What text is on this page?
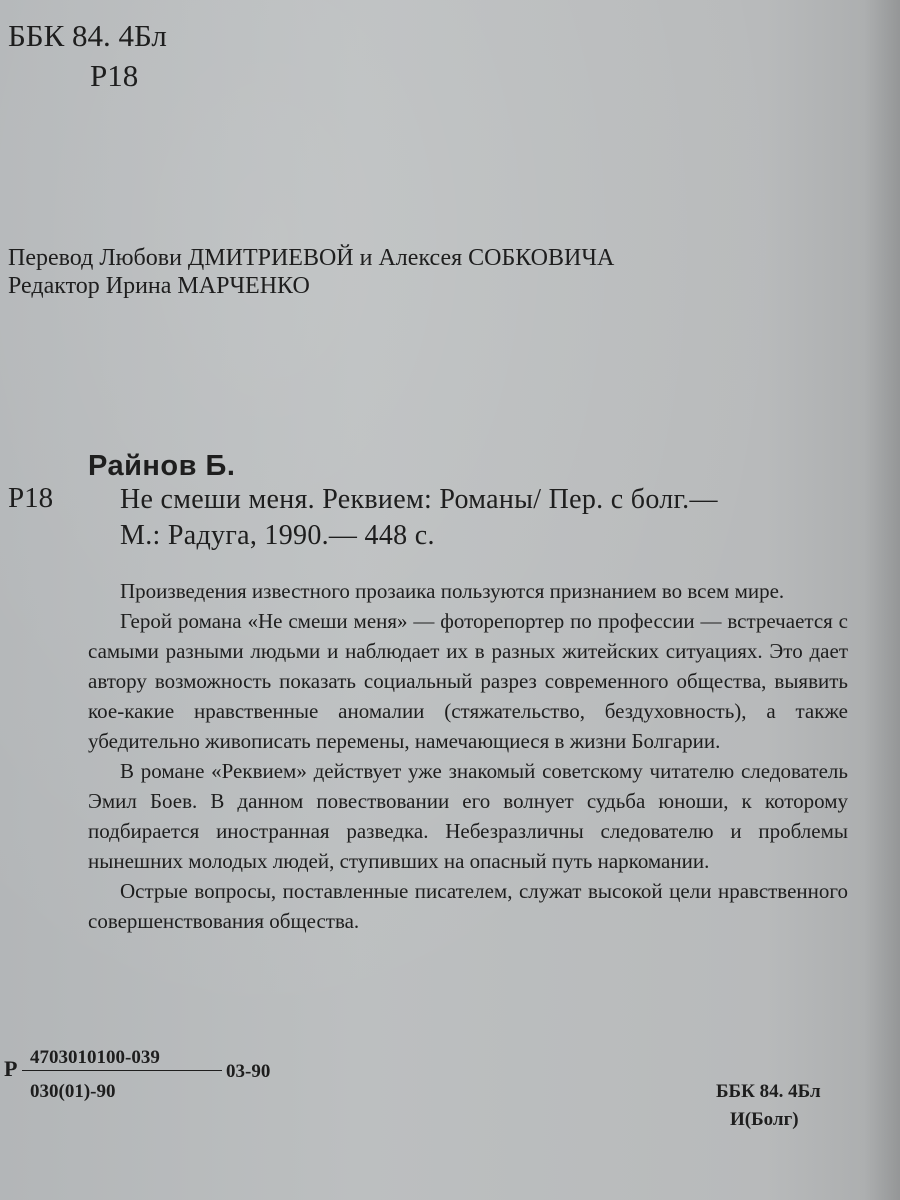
ББК 84. 4Бл
Р18
Перевод Любови ДМИТРИЕВОЙ и Алексея СОБКОВИЧА
Редактор Ирина МАРЧЕНКО
Райнов Б.
Р18 Не смеши меня. Реквием: Романы/ Пер. с болг.—
М.: Радуга, 1990.— 448 с.

Произведения известного прозаика пользуются признанием во всем мире.

Герой романа «Не смеши меня» — фоторепортер по профессии — встречается с самыми разными людьми и наблюдает их в разных житейских ситуациях. Это дает автору возможность показать социальный разрез современного общества, выявить кое-какие нравственные аномалии (стяжательство, бездуховность), а также убедительно живописать перемены, намечающиеся в жизни Болгарии.

В романе «Реквием» действует уже знакомый советскому читателю следователь Эмил Боев. В данном повествовании его волнует судьба юноши, к которому подбирается иностранная разведка. Небезразличны следователю и проблемы нынешних молодых людей, ступивших на опасный путь наркомании.

Острые вопросы, поставленные писателем, служат высокой цели нравственного совершенствования общества.

Р 4703010100-039
03-90
030(01)-90	ББК 84. 4Бл
И(Болг)
